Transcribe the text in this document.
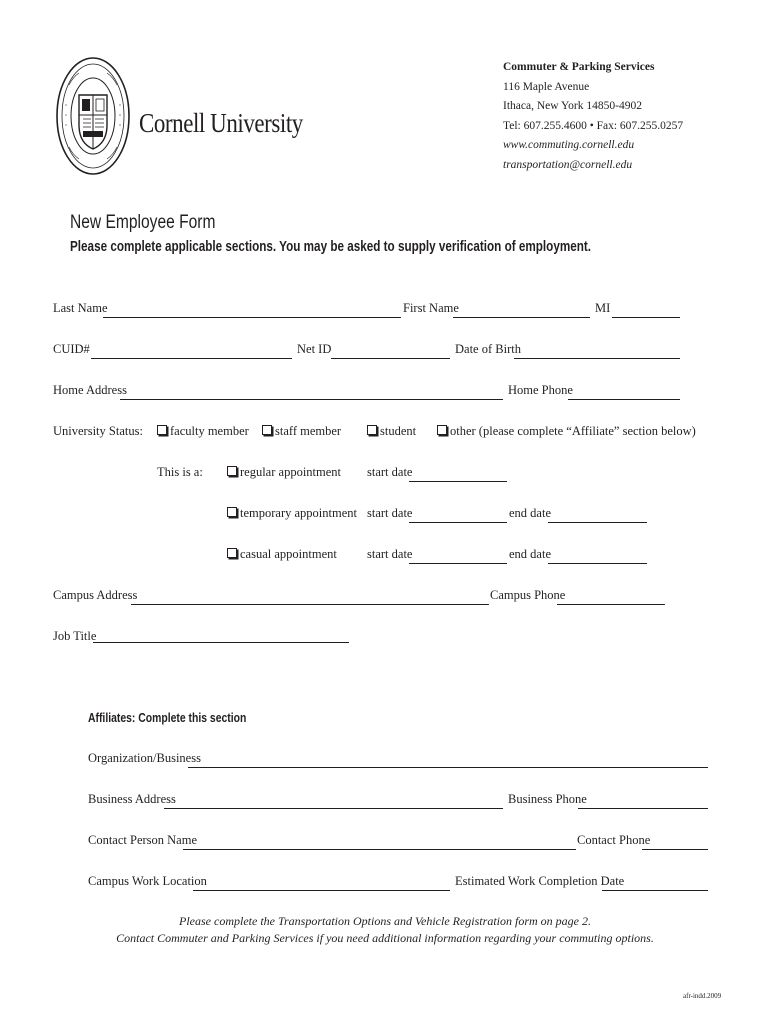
Cornell University
Commuter & Parking Services
116 Maple Avenue
Ithaca, New York 14850-4902
Tel: 607.255.4600 • Fax: 607.255.0257
www.commuting.cornell.edu
transportation@cornell.edu
New Employee Form
Please complete applicable sections. You may be asked to supply verification of employment.
Last Name	First Name	MI
CUID#	Net ID	Date of Birth
Home Address	Home Phone
University Status:	faculty member	staff member	student	other (please complete “Affiliate” section below)
This is a:	regular appointment start date
temporary appointment start date	end date
casual appointment start date	end date
Campus Address	Campus Phone
Job Title
Affiliates: Complete this section
Organization/Business
Business Address	Business Phone
Contact Person Name	Contact Phone
Campus Work Location	Estimated Work Completion Date
Please complete the Transportation Options and Vehicle Registration form on page 2.
Contact Commuter and Parking Services if you need additional information regarding your commuting options.
afr-indd.2009
